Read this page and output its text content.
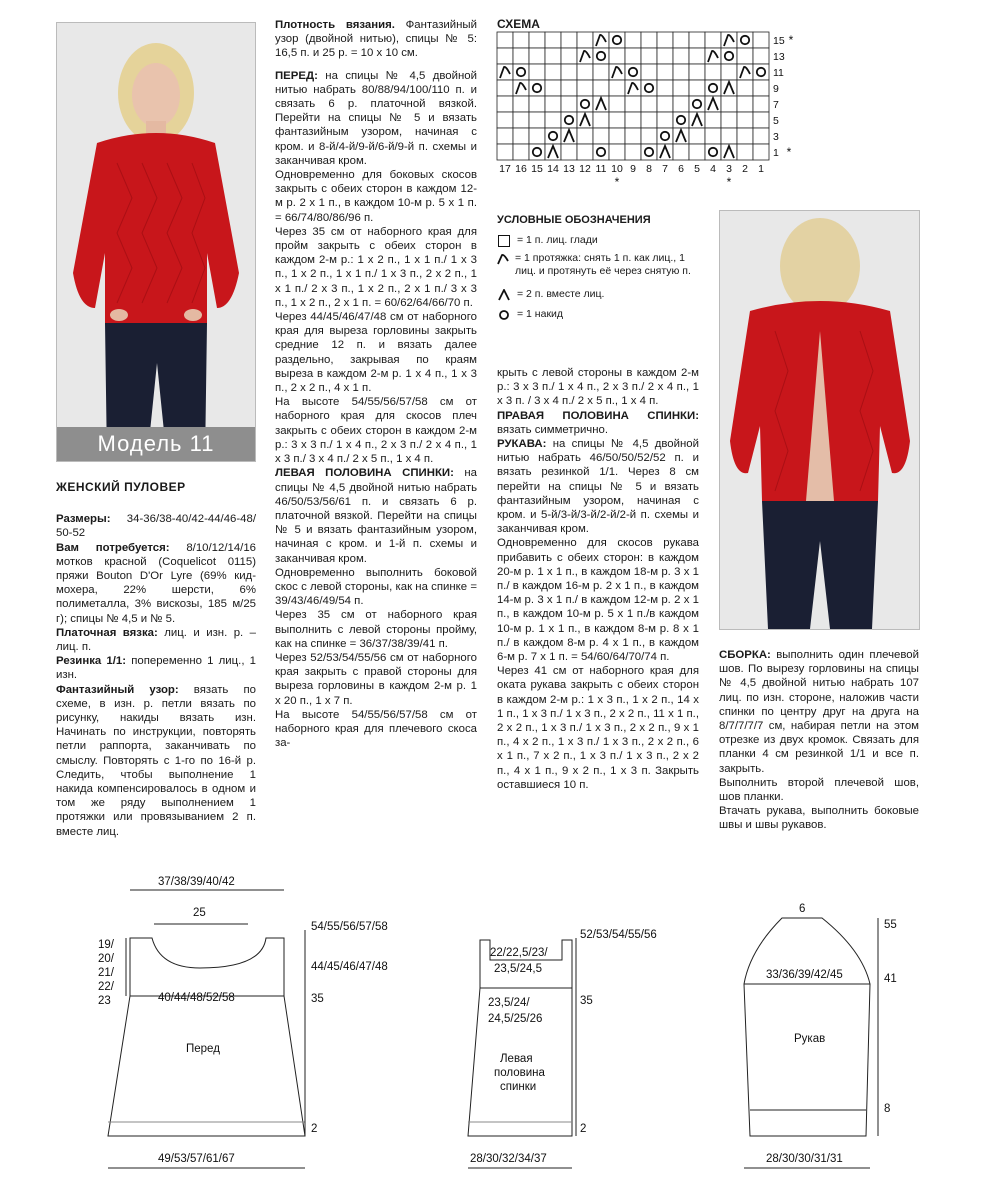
Модель 11

ЖЕНСКИЙ ПУЛОВЕР

Размеры: 34-36/38-40/42-44/46-48/ 50-52

Вам потребуется: 8/10/12/14/16 мотков красной (Coquelicot 0115) пряжи Bouton D'Or Lyre (69% кид-мохера, 22% шерсти, 6% полиметалла, 3% вискозы, 185 м/25 г); спицы № 4,5 и № 5.

Платочная вязка: лиц. и изн. р. – лиц. п.

Резинка 1/1: попеременно 1 лиц., 1 изн.

Фантазийный узор: вязать по схеме, в изн. р. петли вязать по рисунку, накиды вязать изн. Начинать по инструкции, повторять петли раппорта, заканчивать по смыслу. Повторять с 1-го по 16-й р. Следить, чтобы выполнение 1 накида компенсировалось в одном и том же ряду выполнением 1 протяжки или провязыванием 2 п. вместе лиц.

Плотность вязания. Фантазийный узор (двойной нитью), спицы № 5: 16,5 п. и 25 р. = 10 х 10 см.

ПЕРЕД: на спицы № 4,5 двойной нитью набрать 80/88/94/100/110 п. и связать 6 р. платочной вязкой. Перейти на спицы № 5 и вязать фантазийным узором, начиная с кром. и 8-й/4-й/9-й/6-й/9-й п. схемы и заканчивая кром.

Одновременно для боковых скосов закрыть с обеих сторон в каждом 12-м р. 2 х 1 п., в каждом 10-м р. 5 х 1 п. = 66/74/80/86/96 п.

Через 35 см от наборного края для пройм закрыть с обеих сторон в каждом 2-м р.: 1 х 2 п., 1 х 1 п./ 1 х 3 п., 1 х 2 п., 1 х 1 п./ 1 х 3 п., 2 х 2 п., 1 х 1 п./ 2 х 3 п., 1 х 2 п., 2 х 1 п./ 3 х 3 п., 1 х 2 п., 2 х 1 п. = 60/62/64/66/70 п.

Через 44/45/46/47/48 см от наборного края для выреза горловины закрыть средние 12 п. и вязать далее раздельно, закрывая по краям выреза в каждом 2-м р. 1 х 4 п., 1 х 3 п., 2 х 2 п., 4 х 1 п.

На высоте 54/55/56/57/58 см от наборного края для скосов плеч закрыть с обеих сторон в каждом 2-м р.: 3 х 3 п./ 1 х 4 п., 2 х 3 п./ 2 х 4 п., 1 х 3 п./ 3 х 4 п./ 2 х 5 п., 1 х 4 п.

ЛЕВАЯ ПОЛОВИНА СПИНКИ: на спицы № 4,5 двойной нитью набрать 46/50/53/56/61 п. и связать 6 р. платочной вязкой. Перейти на спицы № 5 и вязать фантазийным узором, начиная с кром. и 1-й п. схемы и заканчивая кром.

Одновременно выполнить боковой скос с левой стороны, как на спинке = 39/43/46/49/54 п.

Через 35 см от наборного края выполнить с левой стороны пройму, как на спинке = 36/37/38/39/41 п.

Через 52/53/54/55/56 см от наборного края закрыть с правой стороны для выреза горловины в каждом 2-м р. 1 х 20 п., 1 х 7 п.

На высоте 54/55/56/57/58 см от наборного края для плечевого скоса за-

СХЕМА
17 16 15 14 13 12 11 10 9 8 7 6 5 4 3 2 1
15
13
11
9
7
5
3
1
*
*
*	*
УСЛОВНЫЕ ОБОЗНАЧЕНИЯ
= 1 п. лиц. глади
= 1 протяжка: снять 1 п. как лиц., 1 лиц. и протянуть её через снятую п.
= 2 п. вместе лиц.
= 1 накид

крыть с левой стороны в каждом 2-м р.: 3 х 3 п./ 1 х 4 п., 2 х 3 п./ 2 х 4 п., 1 х 3 п. / 3 х 4 п./ 2 х 5 п., 1 х 4 п.

ПРАВАЯ ПОЛОВИНА СПИНКИ: вязать симметрично.

РУКАВА: на спицы № 4,5 двойной нитью набрать 46/50/50/52/52 п. и вязать резинкой 1/1. Через 8 см перейти на спицы № 5 и вязать фантазийным узором, начиная с кром. и 5-й/3-й/3-й/2-й/2-й п. схемы и заканчивая кром.

Одновременно для скосов рукава прибавить с обеих сторон: в каждом 20-м р. 1 х 1 п., в каждом 18-м р. 3 х 1 п./ в каждом 16-м р. 2 х 1 п., в каждом 14-м р. 3 х 1 п./ в каждом 12-м р. 2 х 1 п., в каждом 10-м р. 5 х 1 п./в каждом 10-м р. 1 х 1 п., в каждом 8-м р. 8 х 1 п./ в каждом 8-м р. 4 х 1 п., в каждом 6-м р. 7 х 1 п. = 54/60/64/70/74 п.

Через 41 см от наборного края для оката рукава закрыть с обеих сторон в каждом 2-м р.: 1 х 3 п., 1 х 2 п., 14 х 1 п., 1 х 3 п./ 1 х 3 п., 2 х 2 п., 11 х 1 п., 2 х 2 п., 1 х 3 п./ 1 х 3 п., 2 х 2 п., 9 х 1 п., 4 х 2 п., 1 х 3 п./ 1 х 3 п., 2 х 2 п., 6 х 1 п., 7 х 2 п., 1 х 3 п./ 1 х 3 п., 2 х 2 п., 4 х 1 п., 9 х 2 п., 1 х 3 п. Закрыть оставшиеся 10 п.

СБОРКА: выполнить один плечевой шов. По вырезу горловины на спицы № 4,5 двойной нитью набрать 107 лиц. по изн. стороне, наложив части спинки по центру друг на друга на 8/7/7/7/7 см, набирая петли на этом отрезке из двух кромок. Связать для планки 4 см резинкой 1/1 и все п. закрыть.

Выполнить второй плечевой шов, шов планки.

Втачать рукава, выполнить боковые швы и швы рукавов.

37/38/39/40/42
25
54/55/56/57/58
44/45/46/47/48
19/
20/
21/
22/
23	40/44/48/52/58	35
Перед
2
49/53/57/61/67
52/53/54/55/56
22/22,5/23/
23,5/24,5
23,5/24/
24,5/25/26
35
Левая
половина
спинки
2
28/30/32/34/37
6
55
33/36/39/42/45	41
Рукав
8
28/30/30/31/31
